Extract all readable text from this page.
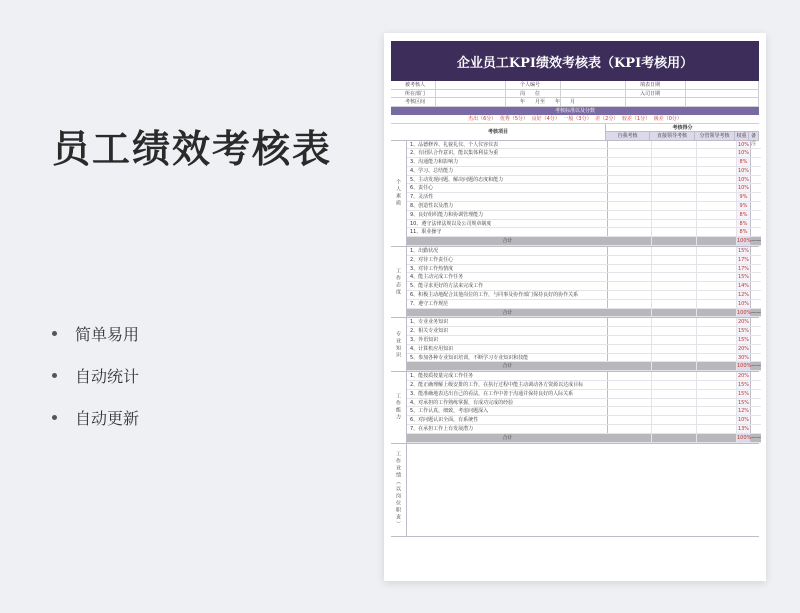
员工绩效考核表
简单易用
自动统计
自动更新
企业员工KPI绩效考核表（KPI考核用）
被考核人	个人编号	填表日期
所在部门	岗　　位	入司日期
考核区间	年　　月至　　年　　月
考核标准以及分数
杰出（6分） 优秀（5分） 良好（4分） 一般（3分） 差（2分） 较差（1分） 极差（0分）
考核项目
考核得分
自我考核	直接领导考核	分管领导考核	权重 备注
个人素质
1、品德修养、礼貌礼仪、个人仪容仪表	10%
2、有团队合作意识，能以集体利益为重	10%
3、沟通能力和影响力	8%
4、学习、总结能力	10%
5、主动发现问题、解决问题的态度和能力	10%
6、责任心	10%
7、灵活性	9%
8、创造性以及潜力	9%
9、良好组织能力和协调管理能力	8%
10、遵守法律法规以及公司规章制度	8%
11、职业操守	8%
合计	100% ——
工作态度
1、出勤状况	15%
2、对待工作责任心	17%
3、对待工作热情度	17%
4、能主动完成工作任务	15%
5、能寻求更好的方法来完成工作	14%
6、积极主动地配合其他岗位的工作，与同事及协作部门保持良好的协作关系	12%
7、遵守工作规范	10%
合计	100% ——
专业知识
1、专业业务知识	20%
2、相关专业知识	15%
3、外语知识	15%
4、计算机应用知识	20%
5、参加各种专业知识培训，不断学习专业知识和技能	30%
合计	100% ——
工作能力
1、能按质按量完成工作任务	20%
2、能正确理解上级安排的工作，在执行过程中能主动调动各方资源以达成目标	15%
3、能准确地表达出自己的看法，在工作中善于沟通并保持良好的人际关系	15%
4、对承担的工作熟练掌握，有成功完成的经验	15%
5、工作认真，细致，考虑问题深入	12%
6、对问题认识全面，有系统性	10%
7、在承担工作上有发展潜力	13%
合计	100% ——
工作业绩（以岗位职责）
